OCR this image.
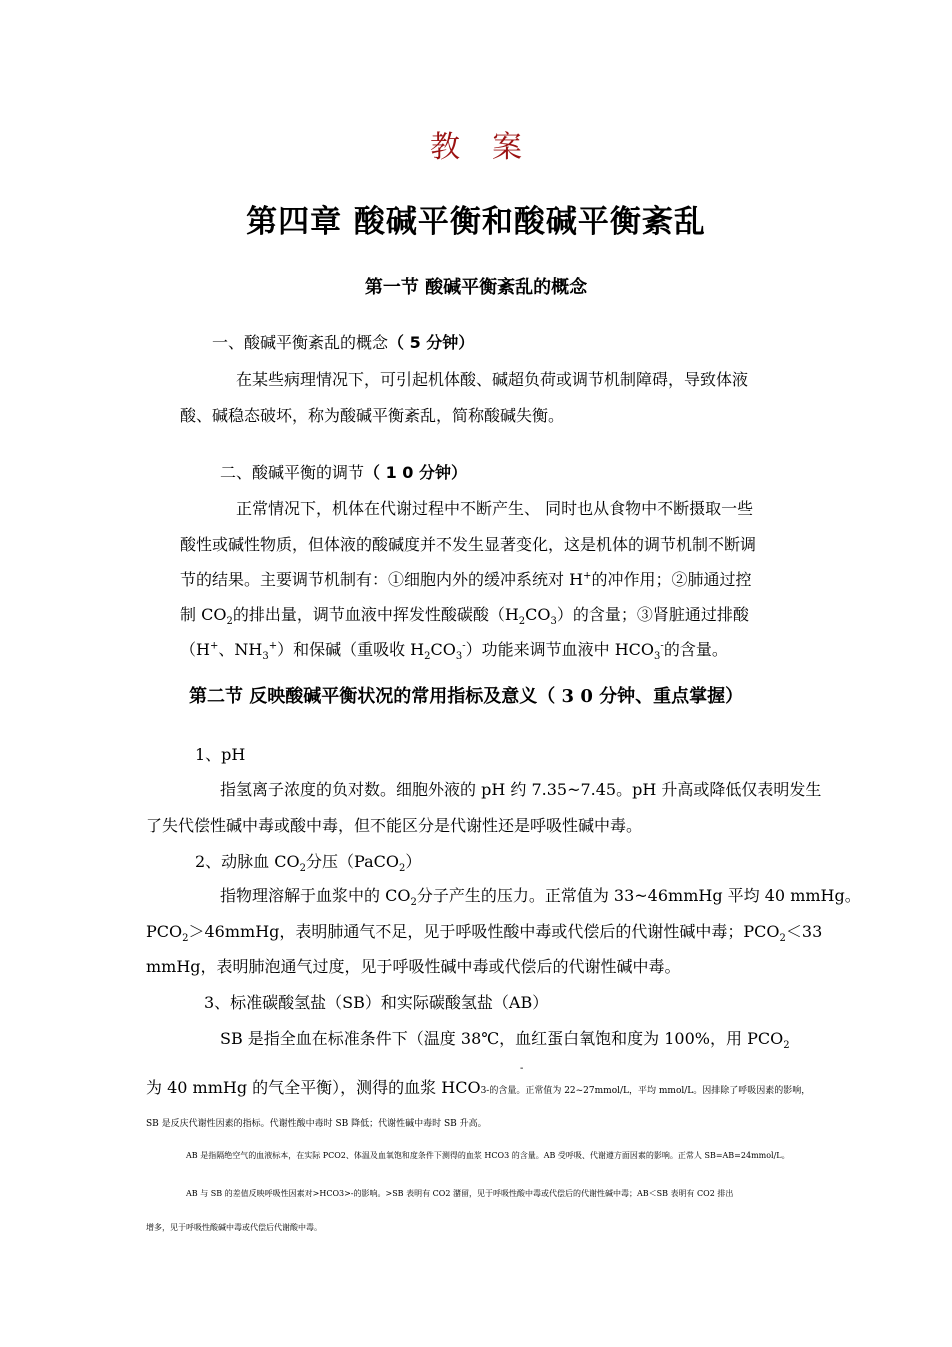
教案
第四章 酸碱平衡和酸碱平衡紊乱
第一节 酸碱平衡紊乱的概念
一、酸碱平衡紊乱的概念（ 5 分钟）
在某些病理情况下，可引起机体酸、碱超负荷或调节机制障碍，导致体液
酸、碱稳态破坏，称为酸碱平衡紊乱，简称酸碱失衡。
二、酸碱平衡的调节（ 1 0 分钟）
正常情况下，机体在代谢过程中不断产生、 同时也从食物中不断摄取一些
酸性或碱性物质，但体液的酸碱度并不发生显著变化，这是机体的调节机制不断调
节的结果。主要调节机制有：①细胞内外的缓冲系统对 H+的冲作用；②肺通过控
制 $CO_2$的排出量，调节血液中挥发性酸碳酸$(H_2CO_3)$的含量；③肾脏通过排酸
（H+、$NH_3^+$）和保碱（重吸收 $H_2CO_3^-$）功能来调节血液中 $HCO_3^-$的含量。
第二节 反映酸碱平衡状况的常用指标及意义（ 3 0 分钟、重点掌握）
1、pH
指氢离子浓度的负对数。细胞外液的 pH 约 7.35~7.45。pH 升高或降低仅表明发生
了失代偿性碱中毒或酸中毒，但不能区分是代谢性还是呼吸性碱中毒。
2、动脉血 $CO_2$分压（PaCO$_2$）
指物理溶解于血浆中的 $CO_2$分子产生的压力。正常值为 33~46mmHg 平均 40 mmHg。
$PCO_2>46mmHg$，表明肺通气不足，见于呼吸性酸中毒或代偿后的代谢性碱中毒；$PCO_2<33$
mmHg，表明肺泡通气过度，见于呼吸性碱中毒或代偿后的代谢性碱中毒。
3、标准碳酸氢盐（SB）和实际碳酸氢盐（AB）
SB 是指全血在标准条件下（温度 38℃，血红蛋白氧饱和度为 100%，用 $PCO_2$
-
为 40 mmHg 的气全平衡），测得的血浆 HCO3-的含量。正常值为 22~27mmol/L，平均 mmol/L。因排除了呼吸因素的影响，
SB 是反庆代谢性因素的指标。代谢性酸中毒时 SB 降低；代谢性碱中毒时 SB 升高。
AB 是指隔绝空气的血液标本，在实际 PCO2、体温及血氧饱和度条件下测得的血浆 HCO3 的含量。AB 受呼吸、代谢遵方面因素的影响。正常人 SB=AB=24mmol/L。
AB 与 SB 的差值反映呼吸性因素对>HCO3>-的影响。>SB 表明有 CO2 潴留，见于呼吸性酸中毒或代偿后的代谢性碱中毒；AB＜SB 表明有 CO2 排出
增多，见于呼吸性酸碱中毒或代偿后代谢酸中毒。
